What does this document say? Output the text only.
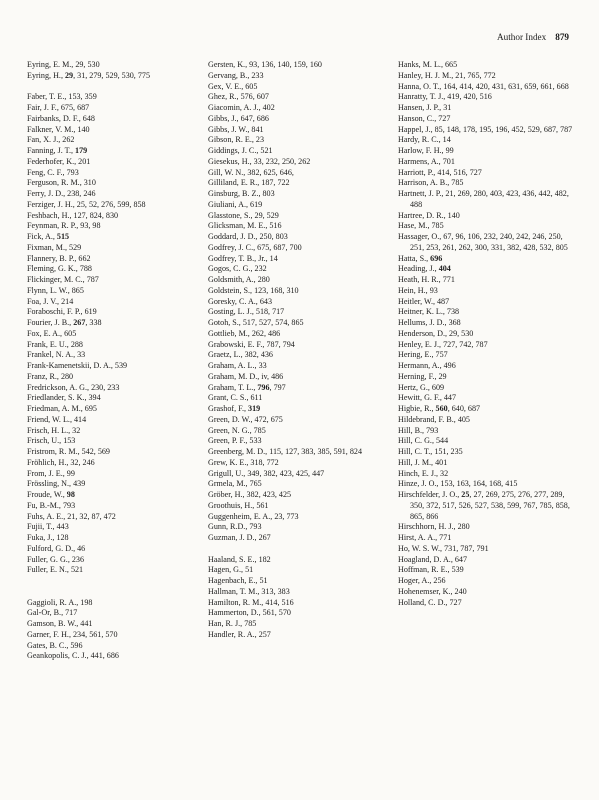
Author Index 879
Eyring, E. M., 29, 530
Eyring, H., 29, 31, 279, 529, 530, 775
Faber, T. E., 153, 359
Fair, J. F., 675, 687
Fairbanks, D. F., 648
Falkner, V. M., 140
Fan, X. J., 262
Fanning, J. T., 179
Federhofer, K., 201
Feng, C. F., 793
Ferguson, R. M., 310
Ferry, J. D., 238, 246
Ferziger, J. H., 25, 52, 276, 599, 858
Feshbach, H., 127, 824, 830
Feynman, R. P., 93, 98
Fick, A., 515
Fixman, M., 529
Flannery, B. P., 662
Fleming, G. K., 788
Flickinger, M. C., 787
Flynn, L. W., 865
Foa, J. V., 214
Foraboschi, F. P., 619
Fourier, J. B., 267, 338
Fox, E. A., 605
Frank, E. U., 288
Frankel, N. A., 33
Frank-Kamenetskii, D. A., 539
Franz, R., 280
Fredrickson, A. G., 230, 233
Friedlander, S. K., 394
Friedman, A. M., 695
Friend, W. L., 414
Frisch, H. L., 32
Frisch, U., 153
Fristrom, R. M., 542, 569
Fröhlich, H., 32, 246
From, J. E., 99
Frössling, N., 439
Froude, W., 98
Fu, B.-M., 793
Fuhs, A. E., 21, 32, 87, 472
Fujii, T., 443
Fuka, J., 128
Fulford, G. D., 46
Fuller, G. G., 236
Fuller, E. N., 521
Gaggioli, R. A., 198
Gal-Or, B., 717
Gamson, B. W., 441
Garner, F. H., 234, 561, 570
Gates, B. C., 596
Geankopolis, C. J., 441, 686
Gersten, K., 93, 136, 140, 159, 160
Gervang, B., 233
Gex, V. E., 605
Ghez, R., 576, 607
Giacomin, A. J., 402
Gibbs, J., 647, 686
Gibbs, J. W., 841
Gibson, R. E., 23
Giddings, J. C., 521
Giesekus, H., 33, 232, 250, 262
Gill, W. N., 382, 625, 646,
Gilliland, E. R., 187, 722
Ginsburg, B. Z., 803
Giuliani, A., 619
Glasstone, S., 29, 529
Glicksman, M. E., 516
Goddard, J. D., 250, 803
Godfrey, J. C., 675, 687, 700
Godfrey, T. B., Jr., 14
Gogos, C. G., 232
Goldsmith, A., 280
Goldstein, S., 123, 168, 310
Goresky, C. A., 643
Gosting, L. J., 518, 717
Gotoh, S., 517, 527, 574, 865
Gottlieb, M., 262, 486
Grabowski, E. F., 787, 794
Graetz, L., 382, 436
Graham, A. L., 33
Graham, M. D., iv, 486
Graham, T. L., 796, 797
Grant, C. S., 611
Grashof, F., 319
Green, D. W., 472, 675
Green, N. G., 785
Green, P. F., 533
Greenberg, M. D., 115, 127, 383, 385, 591, 824
Grew, K. E., 318, 772
Grigull, U., 349, 382, 423, 425, 447
Grmela, M., 765
Gröber, H., 382, 423, 425
Groothuis, H., 561
Guggenheim, E. A., 23, 773
Gunn, R.D., 793
Guzman, J. D., 267
Haaland, S. E., 182
Hagen, G., 51
Hagenbach, E., 51
Hallman, T. M., 313, 383
Hamilton, R. M., 414, 516
Hammerton, D., 561, 570
Han, R. J., 785
Handler, R. A., 257
Hanks, M. L., 665
Hanley, H. J. M., 21, 765, 772
Hanna, O. T., 164, 414, 420, 431, 631, 659, 661, 668
Hanratty, T. J., 419, 420, 516
Hansen, J. P., 31
Hanson, C., 727
Happel, J., 85, 148, 178, 195, 196, 452, 529, 687, 787
Hardy, R. C., 14
Harlow, F. H., 99
Harmens, A., 701
Harriott, P., 414, 516, 727
Harrison, A. B., 785
Hartnett, J. P., 21, 269, 280, 403, 423, 436, 442, 482, 488
Hartree, D. R., 140
Hase, M., 785
Hassager, O., 67, 96, 106, 232, 240, 242, 246, 250, 251, 253, 261, 262, 300, 331, 382, 428, 532, 805
Hatta, S., 696
Heading, J., 404
Heath, H. R., 771
Hein, H., 93
Heitler, W., 487
Heitner, K. L., 738
Hellums, J. D., 368
Henderson, D., 29, 530
Henley, E. J., 727, 742, 787
Hering, E., 757
Hermann, A., 496
Herning, F., 29
Hertz, G., 609
Hewitt, G. F., 447
Higbie, R., 560, 640, 687
Hildebrand, F. B., 405
Hill, B., 793
Hill, C. G., 544
Hill, C. T., 151, 235
Hill, J. M., 401
Hinch, E. J., 32
Hinze, J. O., 153, 163, 164, 168, 415
Hirschfelder, J. O., 25, 27, 269, 275, 276, 277, 289, 350, 372, 517, 526, 527, 538, 599, 767, 785, 858, 865, 866
Hirschhorn, H. J., 280
Hirst, A. A., 771
Ho, W. S. W., 731, 787, 791
Hoagland, D. A., 647
Hoffman, R. E., 539
Hoger, A., 256
Hohenemser, K., 240
Holland, C. D., 727
